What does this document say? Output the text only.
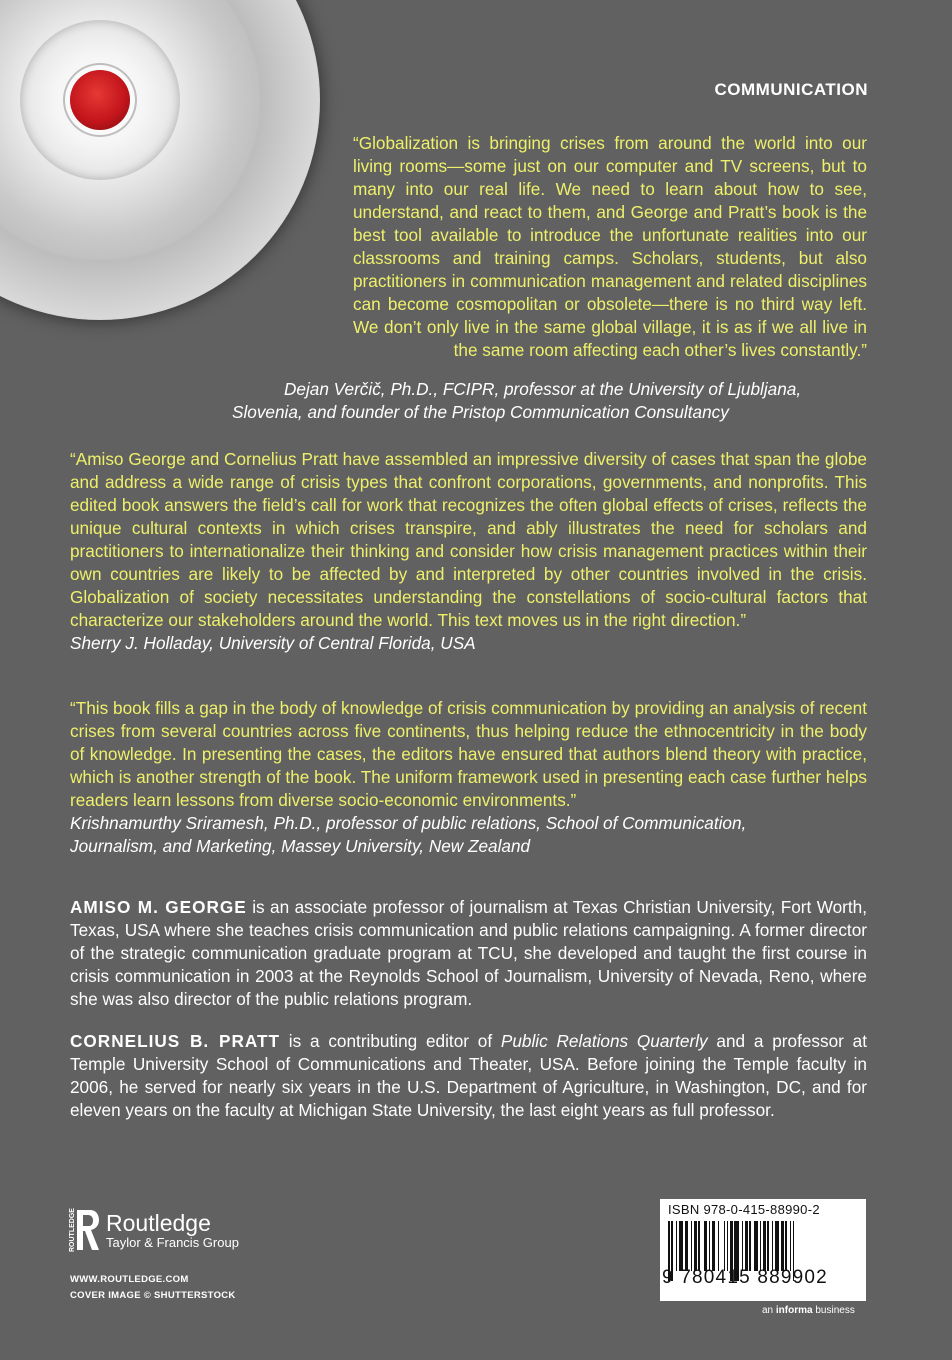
COMMUNICATION

“Globalization is bringing crises from around the world into our living rooms—some just on our computer and TV screens, but to many into our real life. We need to learn about how to see, understand, and react to them, and George and Pratt’s book is the best tool available to introduce the unfortunate realities into our classrooms and training camps. Scholars, students, but also practitioners in communication management and related disciplines can become cosmopolitan or obsolete—there is no third way left. We don’t only live in the same global village, it is as if we all live in the same room affecting each other’s lives constantly.”

Dejan Verčič, Ph.D., FCIPR, professor at the University of Ljubljana,

Slovenia, and founder of the Pristop Communication Consultancy

“Amiso George and Cornelius Pratt have assembled an impressive diversity of cases that span the globe and address a wide range of crisis types that confront corporations, governments, and nonprofits. This edited book answers the field’s call for work that recognizes the often global effects of crises, reflects the unique cultural contexts in which crises transpire, and ably illustrates the need for scholars and practitioners to internationalize their thinking and consider how crisis management practices within their own countries are likely to be affected by and interpreted by other countries involved in the crisis. Globalization of society necessitates understanding the constellations of socio-cultural factors that characterize our stakeholders around the world. This text moves us in the right direction.”

Sherry J. Holladay, University of Central Florida, USA

“This book fills a gap in the body of knowledge of crisis communication by providing an analysis of recent crises from several countries across five continents, thus helping reduce the ethnocentricity in the body of knowledge. In presenting the cases, the editors have ensured that authors blend theory with practice, which is another strength of the book. The uniform framework used in presenting each case further helps readers learn lessons from diverse socio-economic environments.”

Krishnamurthy Sriramesh, Ph.D., professor of public relations, School of Communication,

Journalism, and Marketing, Massey University, New Zealand

AMISO M. GEORGE is an associate professor of journalism at Texas Christian University, Fort Worth, Texas, USA where she teaches crisis communication and public relations campaigning. A former director of the strategic communication graduate program at TCU, she developed and taught the first course in crisis communication in 2003 at the Reynolds School of Journalism, University of Nevada, Reno, where she was also director of the public relations program.

CORNELIUS B. PRATT is a contributing editor of Public Relations Quarterly and a professor at Temple University School of Communications and Theater, USA. Before joining the Temple faculty in 2006, he served for nearly six years in the U.S. Department of Agriculture, in Washington, DC, and for eleven years on the faculty at Michigan State University, the last eight years as full professor.

ROUTLEDGE Routledge
Taylor & Francis Group
WWW.ROUTLEDGE.COM
COVER IMAGE © SHUTTERSTOCK
ISBN 978-0-415-88990-2
9 780415 889902
an informa business
